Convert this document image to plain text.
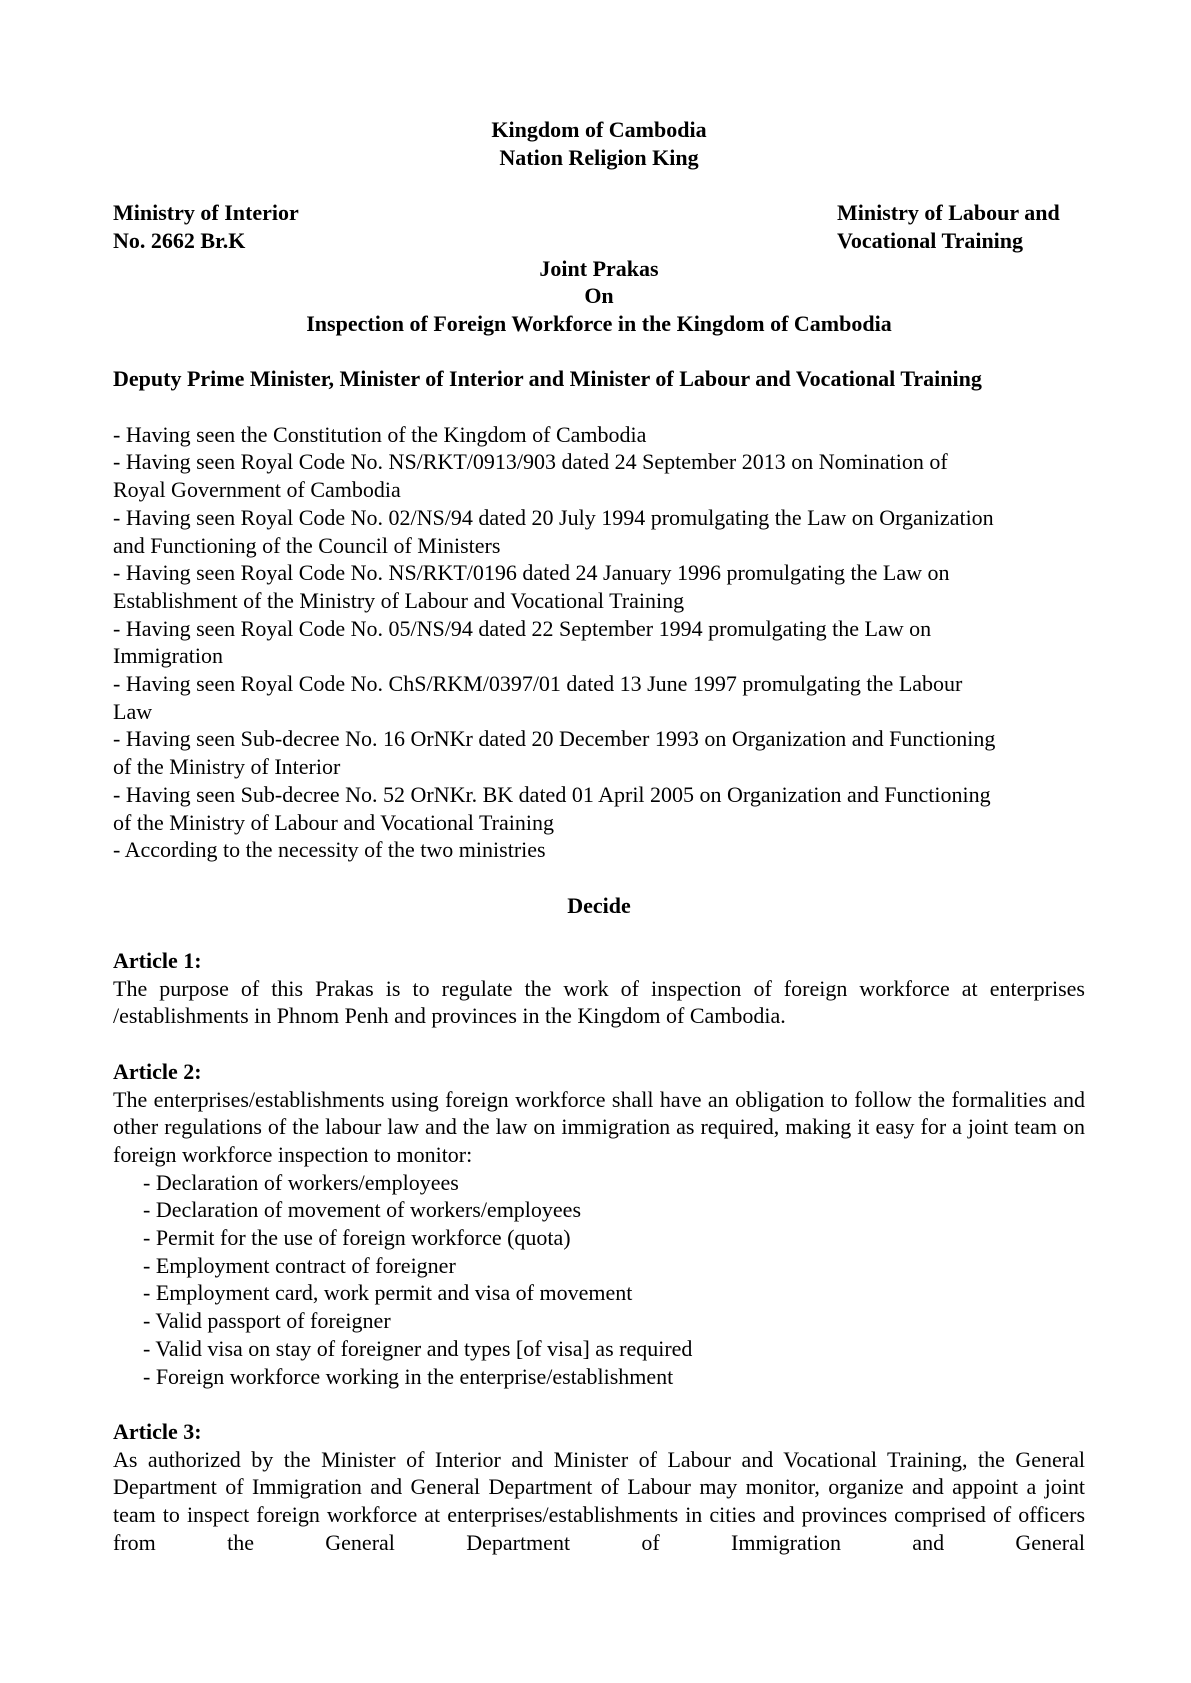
Kingdom of Cambodia
Nation Religion King
Ministry of Interior
No. 2662 Br.K
Ministry of Labour and
Vocational Training
Joint Prakas
On
Inspection of Foreign Workforce in the Kingdom of Cambodia
Deputy Prime Minister, Minister of Interior and Minister of Labour and Vocational Training
- Having seen the Constitution of the Kingdom of Cambodia
- Having seen Royal Code No. NS/RKT/0913/903 dated 24 September 2013 on Nomination of
Royal Government of Cambodia
- Having seen Royal Code No. 02/NS/94 dated 20 July 1994 promulgating the Law on Organization
and Functioning of the Council of Ministers
- Having seen Royal Code No. NS/RKT/0196 dated 24 January 1996 promulgating the Law on
Establishment of the Ministry of Labour and Vocational Training
- Having seen Royal Code No. 05/NS/94 dated 22 September 1994 promulgating the Law on
Immigration
- Having seen Royal Code No. ChS/RKM/0397/01 dated 13 June 1997 promulgating the Labour
Law
- Having seen Sub-decree No. 16 OrNKr dated 20 December 1993 on Organization and Functioning
of the Ministry of Interior
- Having seen Sub-decree No. 52 OrNKr. BK dated 01 April 2005 on Organization and Functioning
of the Ministry of Labour and Vocational Training
- According to the necessity of the two ministries
Decide
Article 1:
The purpose of this Prakas is to regulate the work of inspection of foreign workforce at enterprises /establishments in Phnom Penh and provinces in the Kingdom of Cambodia.
Article 2:
The enterprises/establishments using foreign workforce shall have an obligation to follow the formalities and other regulations of the labour law and the law on immigration as required, making it easy for a joint team on foreign workforce inspection to monitor:
- Declaration of workers/employees
- Declaration of movement of workers/employees
- Permit for the use of foreign workforce (quota)
- Employment contract of foreigner
- Employment card, work permit and visa of movement
- Valid passport of foreigner
- Valid visa on stay of foreigner and types [of visa] as required
- Foreign workforce working in the enterprise/establishment
Article 3:
As authorized by the Minister of Interior and Minister of Labour and Vocational Training, the General Department of Immigration and General Department of Labour may monitor, organize and appoint a joint team to inspect foreign workforce at enterprises/establishments in cities and provinces comprised of officers from the General Department of Immigration and General
